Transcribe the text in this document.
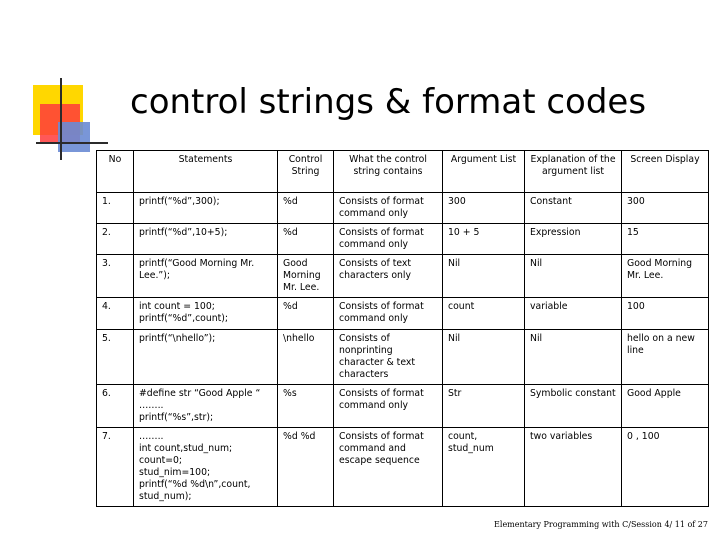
control strings & format codes
No	Statements	Control String	What the control string contains	Argument List	Explanation of the argument list	Screen Display

1.	printf(“%d”,300);	%d	Consists of format command only	300	Constant	300

2.	printf(“%d”,10+5);	%d	Consists of format command only	10 + 5	Expression	15

3.	printf(“Good Morning Mr. Lee.”);	Good Morning Mr. Lee.	Consists of text characters only	Nil	Nil	Good Morning Mr. Lee.

4.	int count = 100;
printf(“%d”,count);	%d	Consists of format command only	count	variable	100

5.	printf(“\nhello”);	\nhello	Consists of nonprinting character & text characters	Nil	Nil	hello on a new line

6.	#define str “Good Apple “
……..
printf(“%s”,str);	%s	Consists of format command only	Str	Symbolic constant	Good Apple

7.	……..
int count,stud_num;
count=0;
stud_nim=100;
printf(“%d %d\n”,count, stud_num);	%d %d	Consists of format command and escape sequence	count, stud_num	two variables	0 , 100
Elementary Programming with C/Session 4/ 11 of 27
